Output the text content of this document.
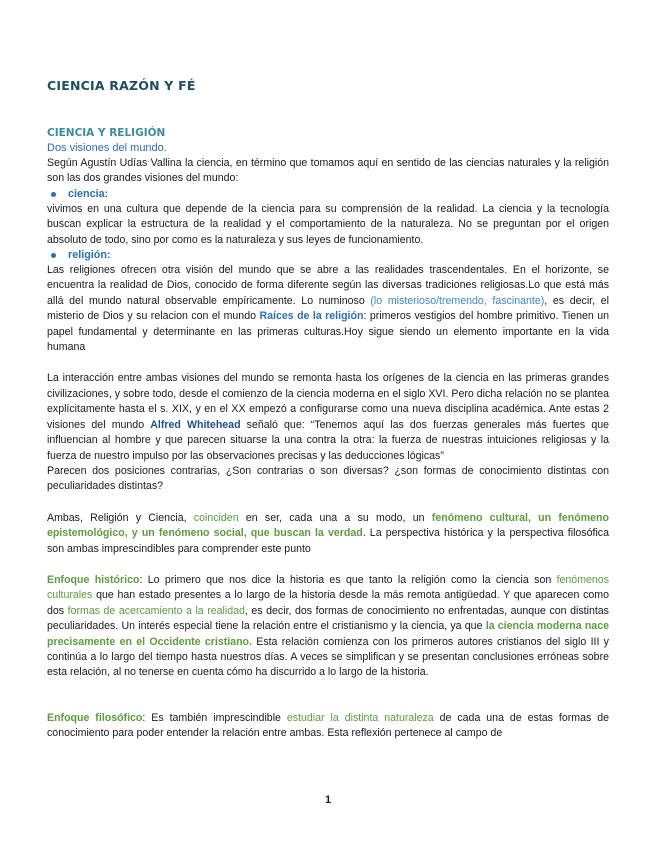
CIENCIA RAZÓN Y FÉ
CIENCIA Y RELIGIÓN
Dos visiones del mundo.

Según Agustín Udías Vallina la ciencia, en término que tomamos aquí en sentido de las ciencias naturales y la religión son las dos grandes visiones del mundo:

ciencia:

vivimos en una cultura que depende de la ciencia para su comprensión de la realidad. La ciencia y la tecnología buscan explicar la estructura de la realidad y el comportamiento de la naturaleza. No se preguntan por el origen absoluto de todo, sino por como es la naturaleza y sus leyes de funcionamiento.

religión:

Las religiones ofrecen otra visión del mundo que se abre a las realidades trascendentales. En el horizonte, se encuentra la realidad de Dios, conocido de forma diferente según las diversas tradiciones religiosas.Lo que está más allá del mundo natural observable empíricamente. Lo numinoso (lo misterioso/tremendo, fascinante), es decir, el misterio de Dios y su relacion con el mundo Raíces de la religión: primeros vestigios del hombre primitivo. Tienen un papel fundamental y determinante en las primeras culturas.Hoy sigue siendo un elemento importante en la vida humana

La interacción entre ambas visiones del mundo se remonta hasta los orígenes de la ciencia en las primeras grandes civilizaciones, y sobre todo, desde el comienzo de la ciencia moderna en el siglo XVI. Pero dicha relación no se plantea explícitamente hasta el s. XIX, y en el XX empezó a configurarse como una nueva disciplina académica. Ante estas 2 visiones del mundo Alfred Whitehead señaló que: “Tenemos aquí las dos fuerzas generales más fuertes que influencian al hombre y que parecen situarse la una contra la otra: la fuerza de nuestras intuiciones religiosas y la fuerza de nuestro impulso por las observaciones precisas y las deducciones lógicas”

Parecen dos posiciones contrarias, ¿Son contrarias o son diversas? ¿son formas de conocimiento distintas con peculiaridades distintas?

Ambas, Religión y Ciencia, coinciden en ser, cada una a su modo, un fenómeno cultural, un fenómeno epistemológico, y un fenómeno social, que buscan la verdad. La perspectiva histórica y la perspectiva filosófica son ambas imprescindibles para comprender este punto

Enfoque histórico: Lo primero que nos dice la historia es que tanto la religión como la ciencia son fenómenos culturales que han estado presentes a lo largo de la historia desde la más remota antigüedad. Y que aparecen como dos formas de acercamiento a la realidad, es decir, dos formas de conocimiento no enfrentadas, aunque con distintas peculiaridades. Un interés especial tiene la relación entre el cristianismo y la ciencia, ya que la ciencia moderna nace precisamente en el Occidente cristiano. Esta relación comienza con los primeros autores cristianos del siglo III y continúa a lo largo del tiempo hasta nuestros días. A veces se simplifican y se presentan conclusiones erróneas sobre esta relación, al no tenerse en cuenta cómo ha discurrido a lo largo de la historia.

Enfoque filosófico: Es también imprescindible estudiar la distinta naturaleza de cada una de estas formas de conocimiento para poder entender la relación entre ambas. Esta reflexión pertenece al campo de

1
